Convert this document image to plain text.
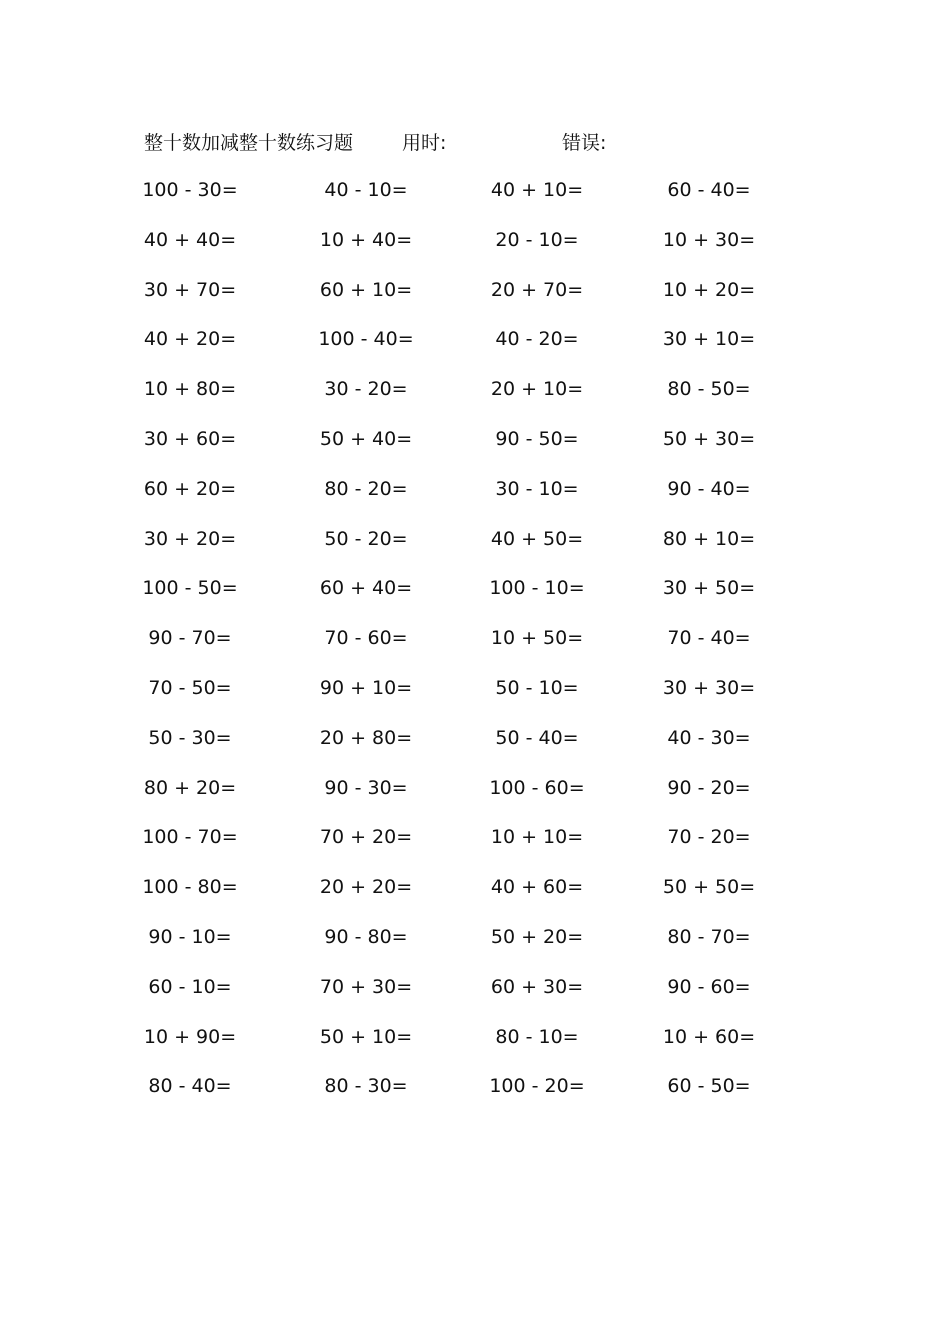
整十数加减整十数练习题	用时:	错误:
100 - 30=	40 - 10=	40 + 10=	60 - 40=
40 + 40=	10 + 40=	20 - 10=	10 + 30=
30 + 70=	60 + 10=	20 + 70=	10 + 20=
40 + 20=	100 - 40=	40 - 20=	30 + 10=
10 + 80=	30 - 20=	20 + 10=	80 - 50=
30 + 60=	50 + 40=	90 - 50=	50 + 30=
60 + 20=	80 - 20=	30 - 10=	90 - 40=
30 + 20=	50 - 20=	40 + 50=	80 + 10=
100 - 50=	60 + 40=	100 - 10=	30 + 50=
90 - 70=	70 - 60=	10 + 50=	70 - 40=
70 - 50=	90 + 10=	50 - 10=	30 + 30=
50 - 30=	20 + 80=	50 - 40=	40 - 30=
80 + 20=	90 - 30=	100 - 60=	90 - 20=
100 - 70=	70 + 20=	10 + 10=	70 - 20=
100 - 80=	20 + 20=	40 + 60=	50 + 50=
90 - 10=	90 - 80=	50 + 20=	80 - 70=
60 - 10=	70 + 30=	60 + 30=	90 - 60=
10 + 90=	50 + 10=	80 - 10=	10 + 60=
80 - 40=	80 - 30=	100 - 20=	60 - 50=
